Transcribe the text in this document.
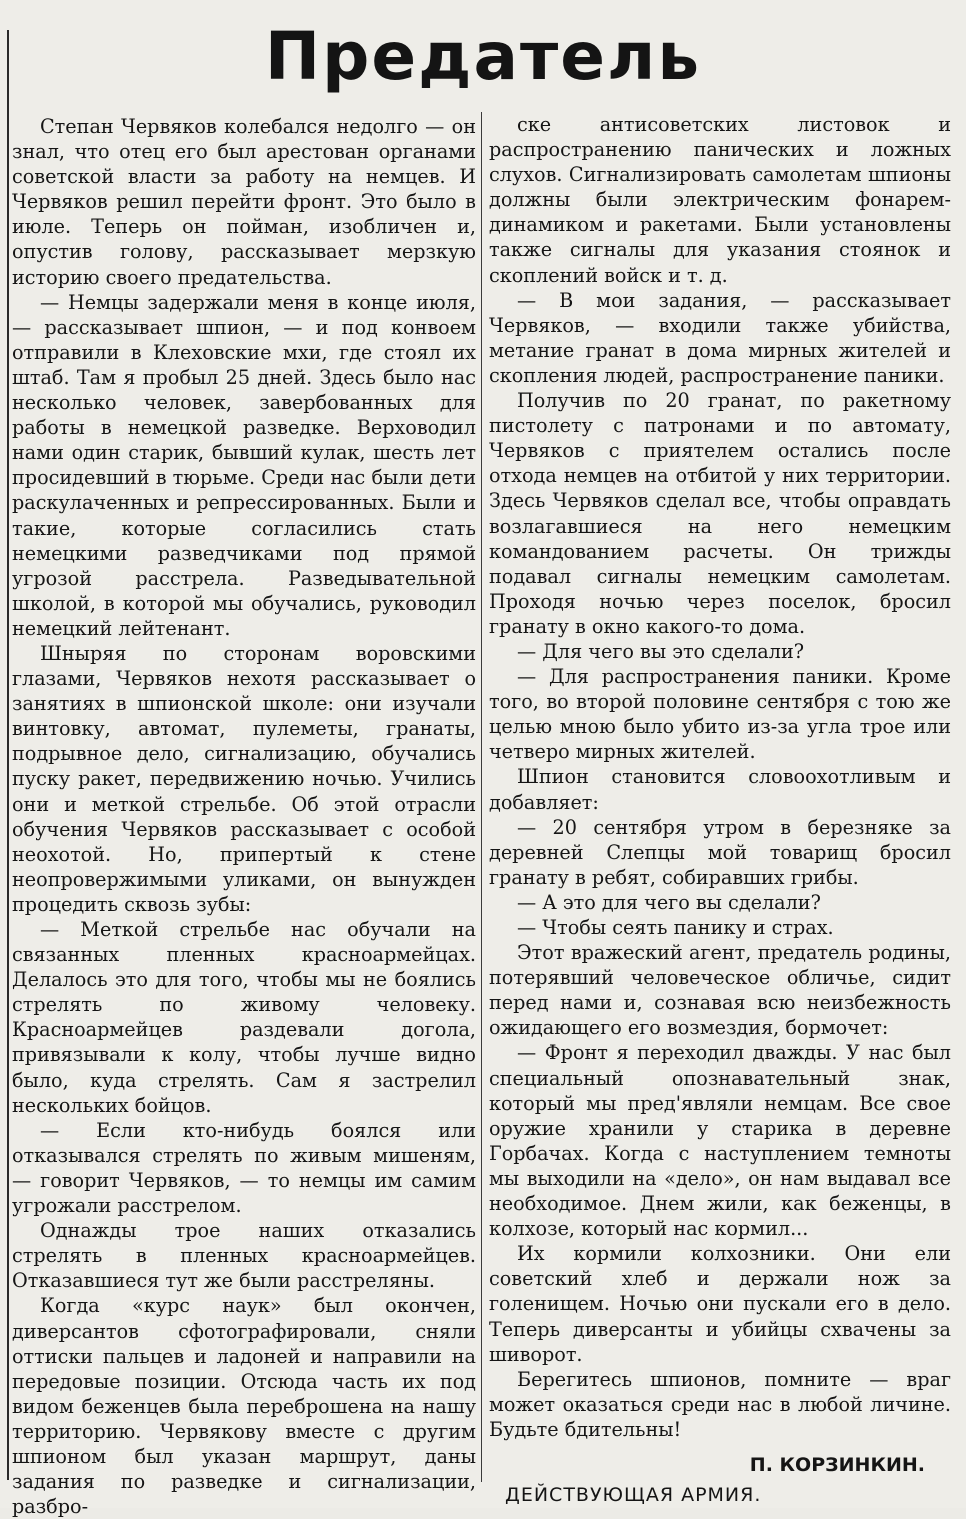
Предатель

Степан Червяков колебался недолго — он знал, что отец его был арестован органами советской власти за работу на немцев. И Червяков решил перейти фронт. Это было в июле. Теперь он пойман, изобличен и, опустив голову, рассказывает мерзкую историю своего предательства.

— Немцы задержали меня в конце июля, — рассказывает шпион, — и под конвоем отправили в Клеховские мхи, где стоял их штаб. Там я пробыл 25 дней. Здесь было нас несколько человек, завербованных для работы в немецкой разведке. Верховодил нами один старик, бывший кулак, шесть лет просидевший в тюрьме. Среди нас были дети раскулаченных и репрессированных. Были и такие, которые согласились стать немецкими разведчиками под прямой угрозой расстрела. Разведывательной школой, в которой мы обучались, руководил немецкий лейтенант.

Шныряя по сторонам воровскими глазами, Червяков нехотя рассказывает о занятиях в шпионской школе: они изучали винтовку, автомат, пулеметы, гранаты, подрывное дело, сигнализацию, обучались пуску ракет, передвижению ночью. Учились они и меткой стрельбе. Об этой отрасли обучения Червяков рассказывает с особой неохотой. Но, припертый к стене неопровержимыми уликами, он вынужден процедить сквозь зубы:

— Меткой стрельбе нас обучали на связанных пленных красноармейцах. Делалось это для того, чтобы мы не боялись стрелять по живому человеку. Красноармейцев раздевали догола, привязывали к колу, чтобы лучше видно было, куда стрелять. Сам я застрелил нескольких бойцов.

— Если кто-нибудь боялся или отказывался стрелять по живым мишеням, — говорит Червяков, — то немцы им самим угрожали расстрелом.

Однажды трое наших отказались стрелять в пленных красноармейцев. Отказавшиеся тут же были расстреляны.

Когда «курс наук» был окончен, диверсантов сфотографировали, сняли оттиски пальцев и ладоней и направили на передовые позиции. Отсюда часть их под видом беженцев была переброшена на нашу территорию. Червякову вместе с другим шпионом был указан маршрут, даны задания по разведке и сигнализации, разбро-

ске антисоветских листовок и распространению панических и ложных слухов. Сигнализировать самолетам шпионы должны были электрическим фонарем-динамиком и ракетами. Были установлены также сигналы для указания стоянок и скоплений войск и т. д.

— В мои задания, — рассказывает Червяков, — входили также убийства, метание гранат в дома мирных жителей и скопления людей, распространение паники.

Получив по 20 гранат, по ракетному пистолету с патронами и по автомату, Червяков с приятелем остались после отхода немцев на отбитой у них территории. Здесь Червяков сделал все, чтобы оправдать возлагавшиеся на него немецким командованием расчеты. Он трижды подавал сигналы немецким самолетам. Проходя ночью через поселок, бросил гранату в окно какого-то дома.

— Для чего вы это сделали?

— Для распространения паники. Кроме того, во второй половине сентября с тою же целью мною было убито из-за угла трое или четверо мирных жителей.

Шпион становится словоохотливым и добавляет:

— 20 сентября утром в березняке за деревней Слепцы мой товарищ бросил гранату в ребят, собиравших грибы.

— А это для чего вы сделали?

— Чтобы сеять панику и страх.

Этот вражеский агент, предатель родины, потерявший человеческое обличье, сидит перед нами и, сознавая всю неизбежность ожидающего его возмездия, бормочет:

— Фронт я переходил дважды. У нас был специальный опознавательный знак, который мы пред'являли немцам. Все свое оружие хранили у старика в деревне Горбачах. Когда с наступлением темноты мы выходили на «дело», он нам выдавал все необходимое. Днем жили, как беженцы, в колхозе, который нас кормил...

Их кормили колхозники. Они ели советский хлеб и держали нож за голенищем. Ночью они пускали его в дело. Теперь диверсанты и убийцы схвачены за шиворот.

Берегитесь шпионов, помните — враг может оказаться среди нас в любой личине. Будьте бдительны!

П. КОРЗИНКИН.
ДЕЙСТВУЮЩАЯ АРМИЯ.
